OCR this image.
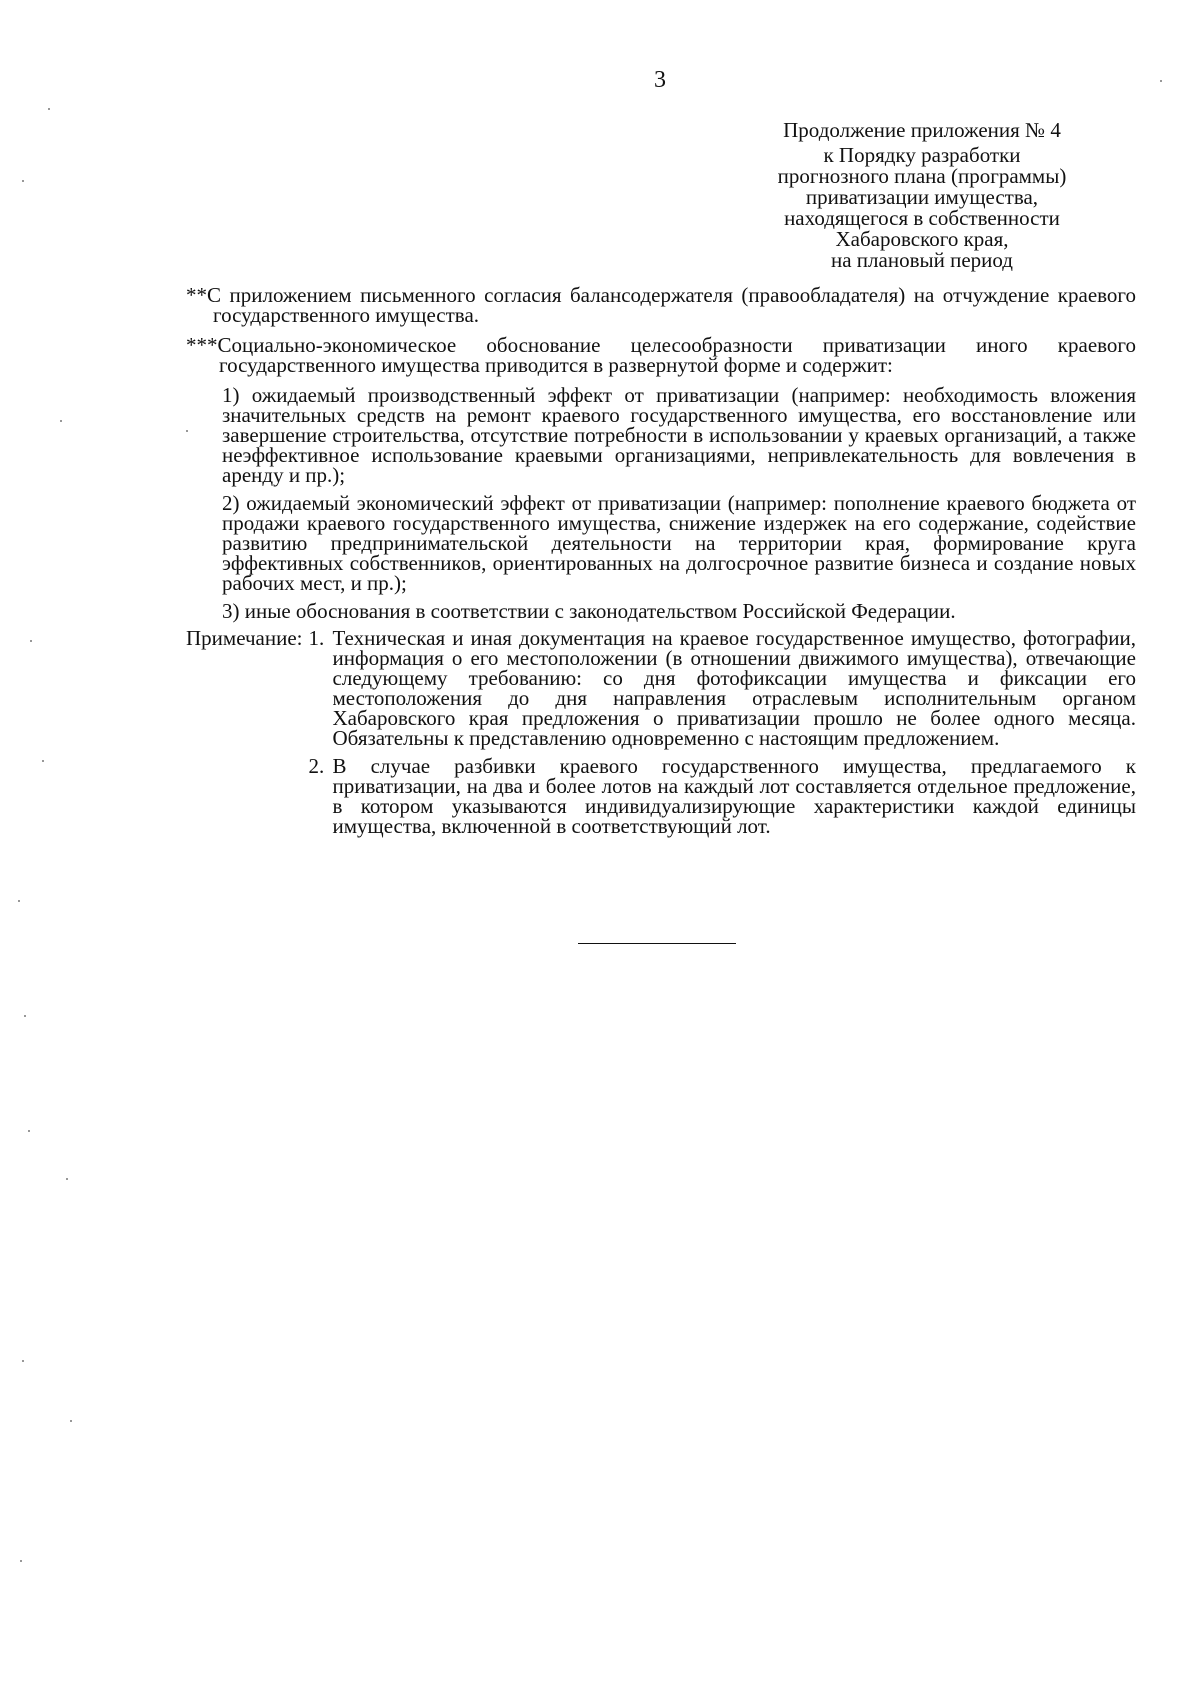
3
Продолжение приложения № 4
к Порядку разработки
прогнозного плана (программы)
приватизации имущества,
находящегося в собственности
Хабаровского края,
на плановый период

**С приложением письменного согласия балансодержателя (правообладателя) на отчуждение краевого государственного имущества.

***Социально-экономическое обоснование целесообразности приватизации иного краевого государственного имущества приводится в развернутой форме и содержит:

1) ожидаемый производственный эффект от приватизации (например: необходимость вложения значительных средств на ремонт краевого государственного имущества, его восстановление или завершение строительства, отсутствие потребности в использовании у краевых организаций, а также неэффективное использование краевыми организациями, непривлекательность для вовлечения в аренду и пр.);

2) ожидаемый экономический эффект от приватизации (например: пополнение краевого бюджета от продажи краевого государственного имущества, снижение издержек на его содержание, содействие развитию предпринимательской деятельности на территории края, формирование круга эффективных собственников, ориентированных на долгосрочное развитие бизнеса и создание новых рабочих мест, и пр.);

3) иные обоснования в соответствии с законодательством Российской Федерации.

Примечание: 1. Техническая и иная документация на краевое государственное имущество, фотографии, информация о его местоположении (в отношении движимого имущества), отвечающие следующему требованию: со дня фотофиксации имущества и фиксации его местоположения до дня направления отраслевым исполнительным органом Хабаровского края предложения о приватизации прошло не более одного месяца. Обязательны к представлению одновременно с настоящим предложением.
2. В случае разбивки краевого государственного имущества, предлагаемого к приватизации, на два и более лотов на каждый лот составляется отдельное предложение, в котором указываются индивидуализирующие характеристики каждой единицы имущества, включенной в соответствующий лот.
